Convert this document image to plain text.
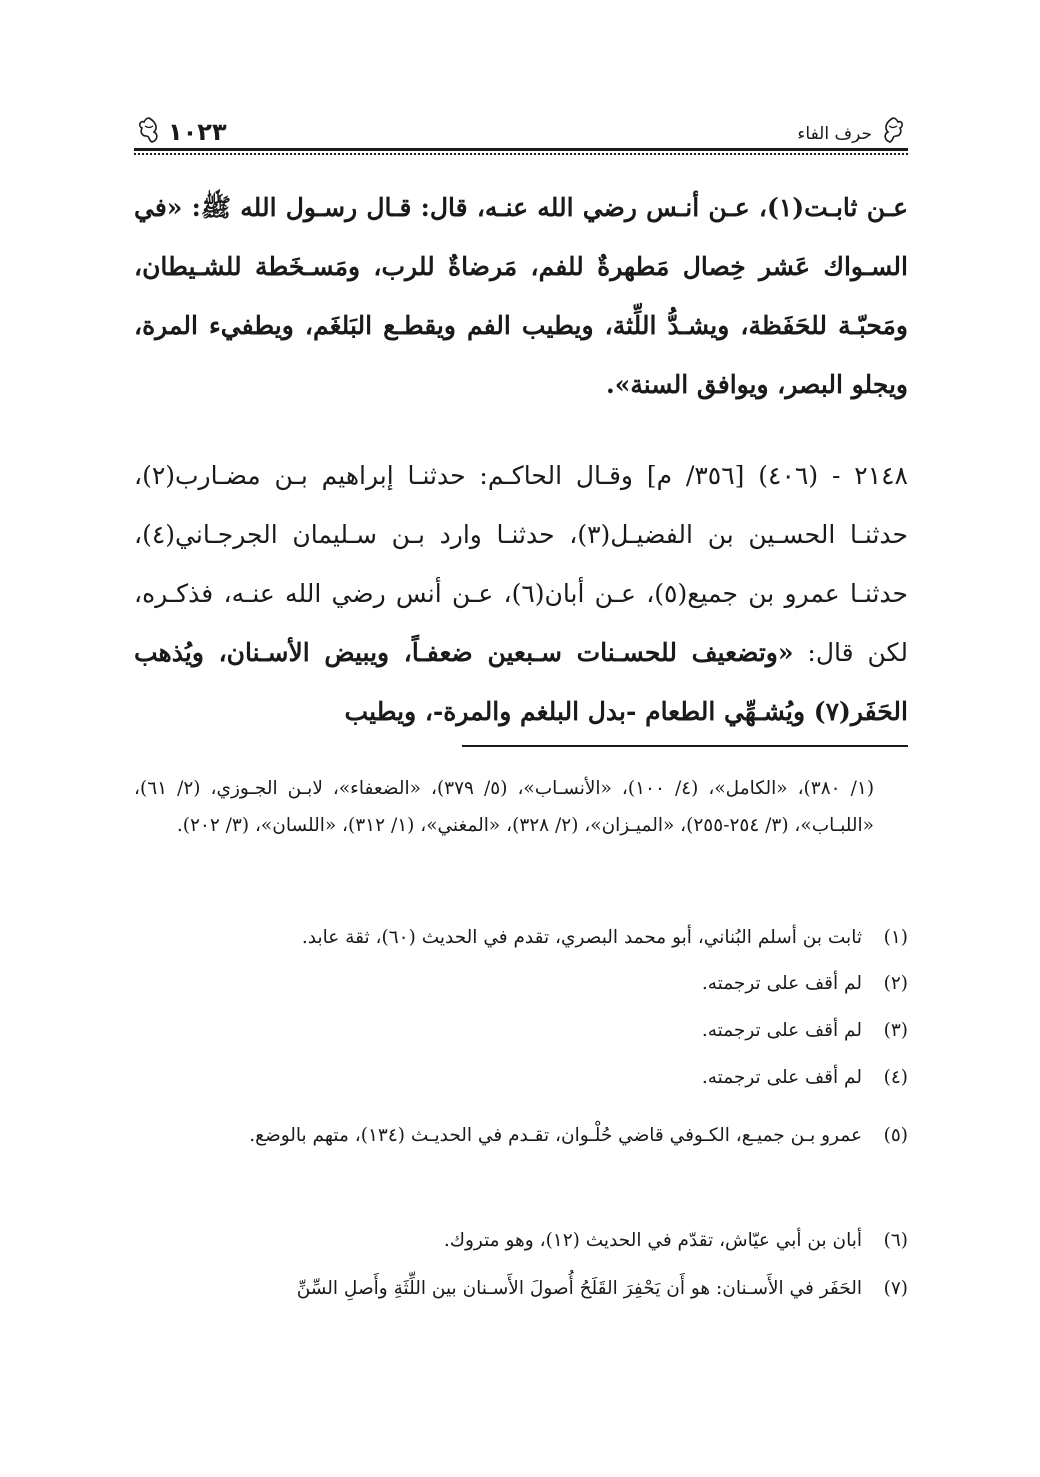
حرف الفاء
١٠٢٣
عـن ثابـت(١)، عـن أنـس رضي الله عنـه، قال: قـال رسـول الله ﷺ: «في السـواك عَشر خِصال مَطهرةٌ للفم، مَرضاةٌ للرب، ومَسـخَطة للشـيطان، ومَحبّـة للحَفَظة، ويشـدُّ اللِّثة، ويطيب الفم ويقطـع البَلغَم، ويطفيء المرة، ويجلو البصر، ويوافق السنة».
٢١٤٨ - (٤٠٦) [٣٥٦/ م] وقـال الحاكـم: حدثنـا إبراهيم بـن مضـارب(٢)، حدثنـا الحسـين بن الفضيـل(٣)، حدثنـا وارد بـن سـليمان الجرجـاني(٤)، حدثنـا عمرو بن جميع(٥)، عـن أبان(٦)، عـن أنس رضي الله عنـه، فذكـره، لكن قال: «وتضعيف للحسـنات سـبعين ضعفـاً، ويبيض الأسـنان، ويُذهب الحَفَر(٧) ويُشـهِّي الطعام -بدل البلغم والمرة-، ويطيب
(١/ ٣٨٠)، «الكامل»، (٤/ ١٠٠)، «الأنسـاب»، (٥/ ٣٧٩)، «الضعفاء»، لابـن الجـوزي، (٢/ ٦١)، «اللبـاب»، (٣/ ٢٥٤-٢٥٥)، «الميـزان»، (٢/ ٣٢٨)، «المغني»، (١/ ٣١٢)، «اللسان»، (٣/ ٢٠٢).
(١)
ثابت بن أسلم البُناني، أبو محمد البصري، تقدم في الحديث (٦٠)، ثقة عابد.
(٢)
لم أقف على ترجمته.
(٣)
لم أقف على ترجمته.
(٤)
لم أقف على ترجمته.
(٥)
عمرو بـن جميـع، الكـوفي قاضي حُلْـوان، تقـدم في الحديـث (١٣٤)، متهم بالوضع.
(٦)
أبان بن أبي عيّاش، تقدّم في الحديث (١٢)، وهو متروك.
(٧)
الحَفَر في الأَسـنان: هو أَن يَحْفِرَ القَلَحُ أُصولَ الأَسـنان بين اللِّثَةِ وأَصلِ السِّنِّ
